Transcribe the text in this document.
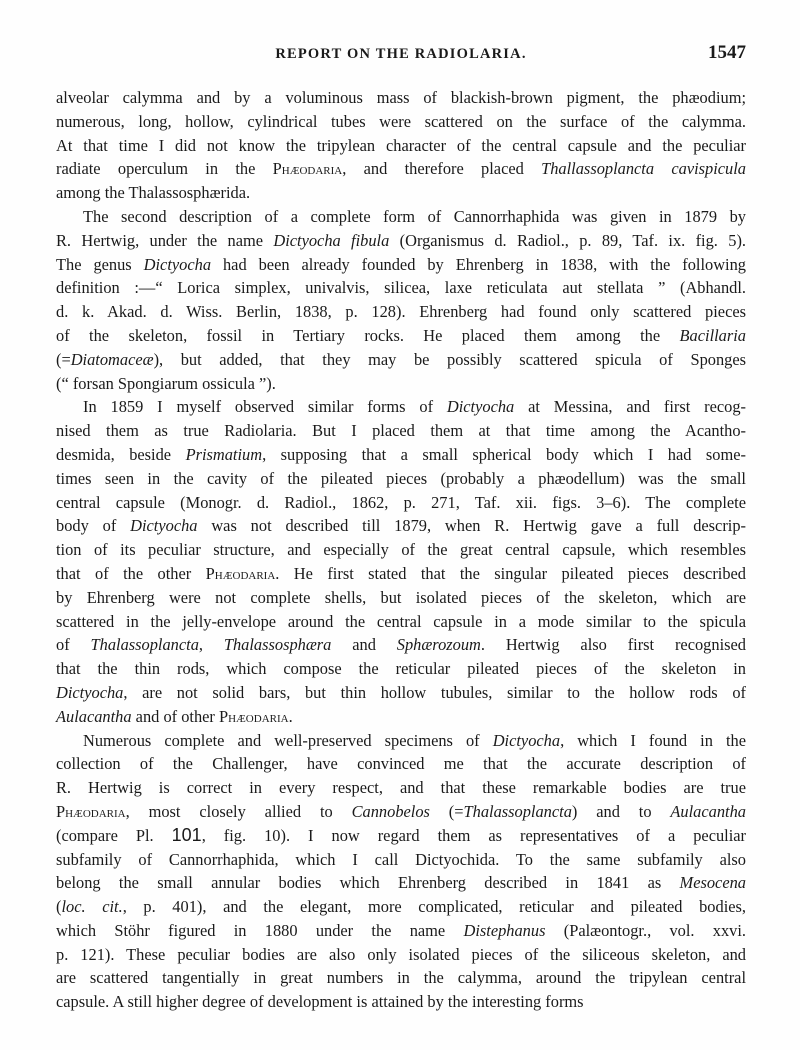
REPORT ON THE RADIOLARIA.	1547
alveolar calymma and by a voluminous mass of blackish-brown pigment, the phæodium;
numerous, long, hollow, cylindrical tubes were scattered on the surface of the calymma.
At that time I did not know the tripylean character of the central capsule and the peculiar
radiate operculum in the Phæodaria, and therefore placed Thallassoplancta cavispicula
among the Thalassosphærida.
The second description of a complete form of Cannorrhaphida was given in 1879 by
R. Hertwig, under the name Dictyocha fibula (Organismus d. Radiol., p. 89, Taf. ix. fig. 5).
The genus Dictyocha had been already founded by Ehrenberg in 1838, with the following
definition :—“ Lorica simplex, univalvis, silicea, laxe reticulata aut stellata ” (Abhandl.
d. k. Akad. d. Wiss. Berlin, 1838, p. 128). Ehrenberg had found only scattered pieces
of the skeleton, fossil in Tertiary rocks. He placed them among the Bacillaria
(=Diatomaceæ), but added, that they may be possibly scattered spicula of Sponges
(“ forsan Spongiarum ossicula ”).
In 1859 I myself observed similar forms of Dictyocha at Messina, and first recog-
nised them as true Radiolaria. But I placed them at that time among the Acantho-
desmida, beside Prismatium, supposing that a small spherical body which I had some-
times seen in the cavity of the pileated pieces (probably a phæodellum) was the small
central capsule (Monogr. d. Radiol., 1862, p. 271, Taf. xii. figs. 3–6). The complete
body of Dictyocha was not described till 1879, when R. Hertwig gave a full descrip-
tion of its peculiar structure, and especially of the great central capsule, which resembles
that of the other Phæodaria. He first stated that the singular pileated pieces described
by Ehrenberg were not complete shells, but isolated pieces of the skeleton, which are
scattered in the jelly-envelope around the central capsule in a mode similar to the spicula
of Thalassoplancta, Thalassosphæra and Sphærozoum. Hertwig also first recognised
that the thin rods, which compose the reticular pileated pieces of the skeleton in
Dictyocha, are not solid bars, but thin hollow tubules, similar to the hollow rods of
Aulacantha and of other Phæodaria.
Numerous complete and well-preserved specimens of Dictyocha, which I found in the
collection of the Challenger, have convinced me that the accurate description of
R. Hertwig is correct in every respect, and that these remarkable bodies are true
Phæodaria, most closely allied to Cannobelos (=Thalassoplancta) and to Aulacantha
(compare Pl. 101, fig. 10). I now regard them as representatives of a peculiar
subfamily of Cannorrhaphida, which I call Dictyochida. To the same subfamily also
belong the small annular bodies which Ehrenberg described in 1841 as Mesocena
(loc. cit., p. 401), and the elegant, more complicated, reticular and pileated bodies,
which Stöhr figured in 1880 under the name Distephanus (Palæontogr., vol. xxvi.
p. 121). These peculiar bodies are also only isolated pieces of the siliceous skeleton, and
are scattered tangentially in great numbers in the calymma, around the tripylean central
capsule. A still higher degree of development is attained by the interesting forms
